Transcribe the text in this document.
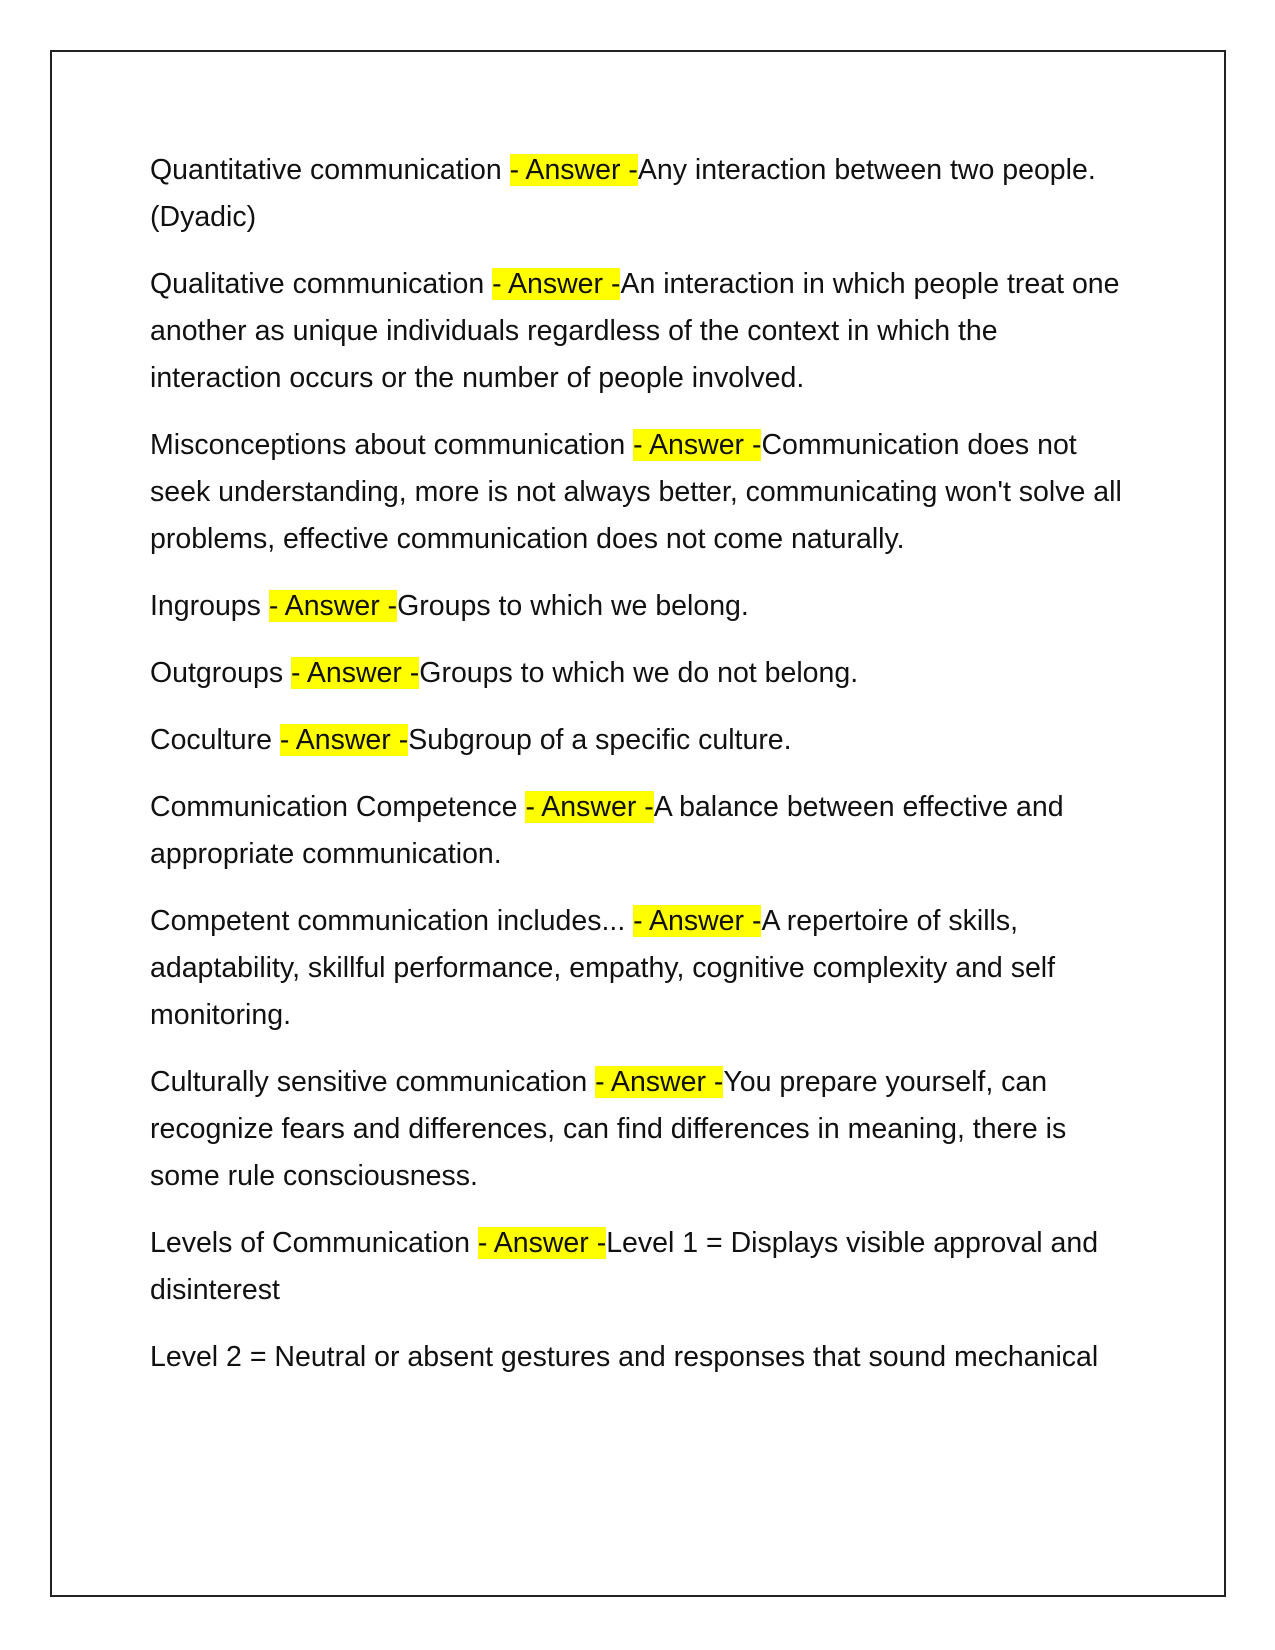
Quantitative communication - Answer -Any interaction between two people. (Dyadic)

Qualitative communication - Answer -An interaction in which people treat one another as unique individuals regardless of the context in which the interaction occurs or the number of people involved.

Misconceptions about communication - Answer -Communication does not seek understanding, more is not always better, communicating won't solve all problems, effective communication does not come naturally.

Ingroups - Answer -Groups to which we belong.

Outgroups - Answer -Groups to which we do not belong.

Coculture - Answer -Subgroup of a specific culture.

Communication Competence - Answer -A balance between effective and appropriate communication.

Competent communication includes... - Answer -A repertoire of skills, adaptability, skillful performance, empathy, cognitive complexity and self monitoring.

Culturally sensitive communication - Answer -You prepare yourself, can recognize fears and differences, can find differences in meaning, there is some rule consciousness.

Levels of Communication - Answer -Level 1 = Displays visible approval and disinterest

Level 2 = Neutral or absent gestures and responses that sound mechanical
